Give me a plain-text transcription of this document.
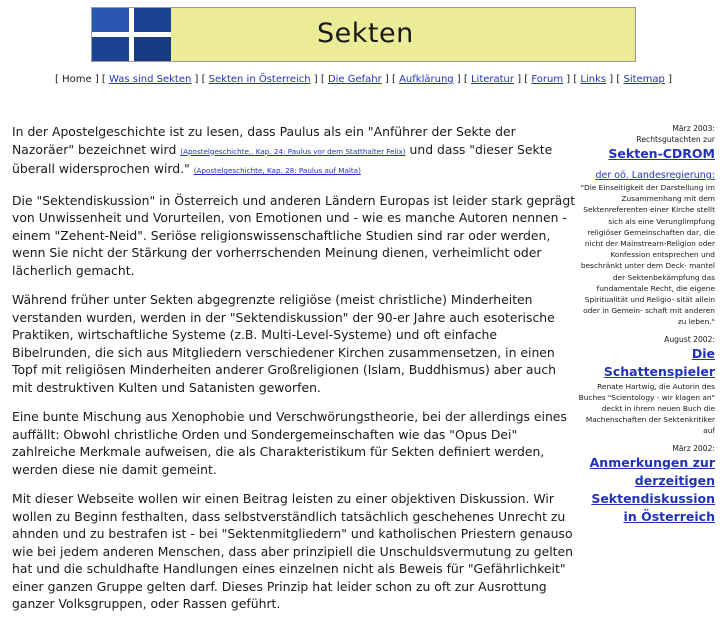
Sekten
[ Home ] [ Was sind Sekten ] [ Sekten in Österreich ] [ Die Gefahr ] [ Aufklärung ] [ Literatur ] [ Forum ] [ Links ] [ Sitemap ]

In der Apostelgeschichte ist zu lesen, dass Paulus als ein "Anführer der Sekte der Nazoräer" bezeichnet wird (Apostelgeschichte,. Kap. 24: Paulus vor dem Statthalter Felix) und dass "dieser Sekte überall widersprochen wird." (Apostelgeschichte, Kap. 28: Paulus auf Malta)

Die "Sektendiskussion" in Österreich und anderen Ländern Europas ist leider stark geprägt von Unwissenheit und Vorurteilen, von Emotionen und - wie es manche Autoren nennen - einem "Zehent-Neid". Seriöse religionswissenschaftliche Studien sind rar oder werden, wenn Sie nicht der Stärkung der vorherrschenden Meinung dienen, verheimlicht oder lächerlich gemacht.

Während früher unter Sekten abgegrenzte religiöse (meist christliche) Minderheiten verstanden wurden, werden in der "Sektendiskussion" der 90-er Jahre auch esoterische Praktiken, wirtschaftliche Systeme (z.B. Multi-Level-Systeme) und oft einfache Bibelrunden, die sich aus Mitgliedern verschiedener Kirchen zusammensetzen, in einen Topf mit religiösen Minderheiten anderer Großreligionen (Islam, Buddhismus) aber auch mit destruktiven Kulten und Satanisten geworfen.

Eine bunte Mischung aus Xenophobie und Verschwörungstheorie, bei der allerdings eines auffällt: Obwohl christliche Orden und Sondergemeinschaften wie das "Opus Dei" zahlreiche Merkmale aufweisen, die als Charakteristikum für Sekten definiert werden, werden diese nie damit gemeint.

Mit dieser Webseite wollen wir einen Beitrag leisten zu einer objektiven Diskussion. Wir wollen zu Beginn festhalten, dass selbstverständlich tatsächlich geschehenes Unrecht zu ahnden und zu bestrafen ist - bei "Sektenmitgliedern" und katholischen Priestern genauso wie bei jedem anderen Menschen, dass aber prinzipiell die Unschuldsvermutung zu gelten hat und die schuldhafte Handlungen eines einzelnen nicht als Beweis für "Gefährlichkeit" einer ganzen Gruppe gelten darf. Dieses Prinzip hat leider schon zu oft zur Ausrottung ganzer Volksgruppen, oder Rassen geführt.

März 2003:
Rechtsgutachten zur
Sekten-CDROM
der oö. Landesregierung:
"Die Einseitigkeit der Darstellung im Zusammenhang mit dem Sektenreferenten einer Kirche stellt sich als eine Verunglimpfung religiöser Gemeinschaften dar, die nicht der Mainstream-Religion oder Konfession entsprechen und beschränkt unter dem Deck- mantel der Sektenbekämpfung das fundamentale Recht, die eigene Spiritualität und Religio- sität allein oder in Gemein- schaft mit anderen zu leben."
August 2002:
Die Schattenspieler
Renate Hartwig, die Autorin des Buches "Scientology - wir klagen an" deckt in ihrem neuen Buch die Machenschaften der Sektenkritiker auf
März 2002:
Anmerkungen zur derzeitigen Sektendiskussion in Österreich
